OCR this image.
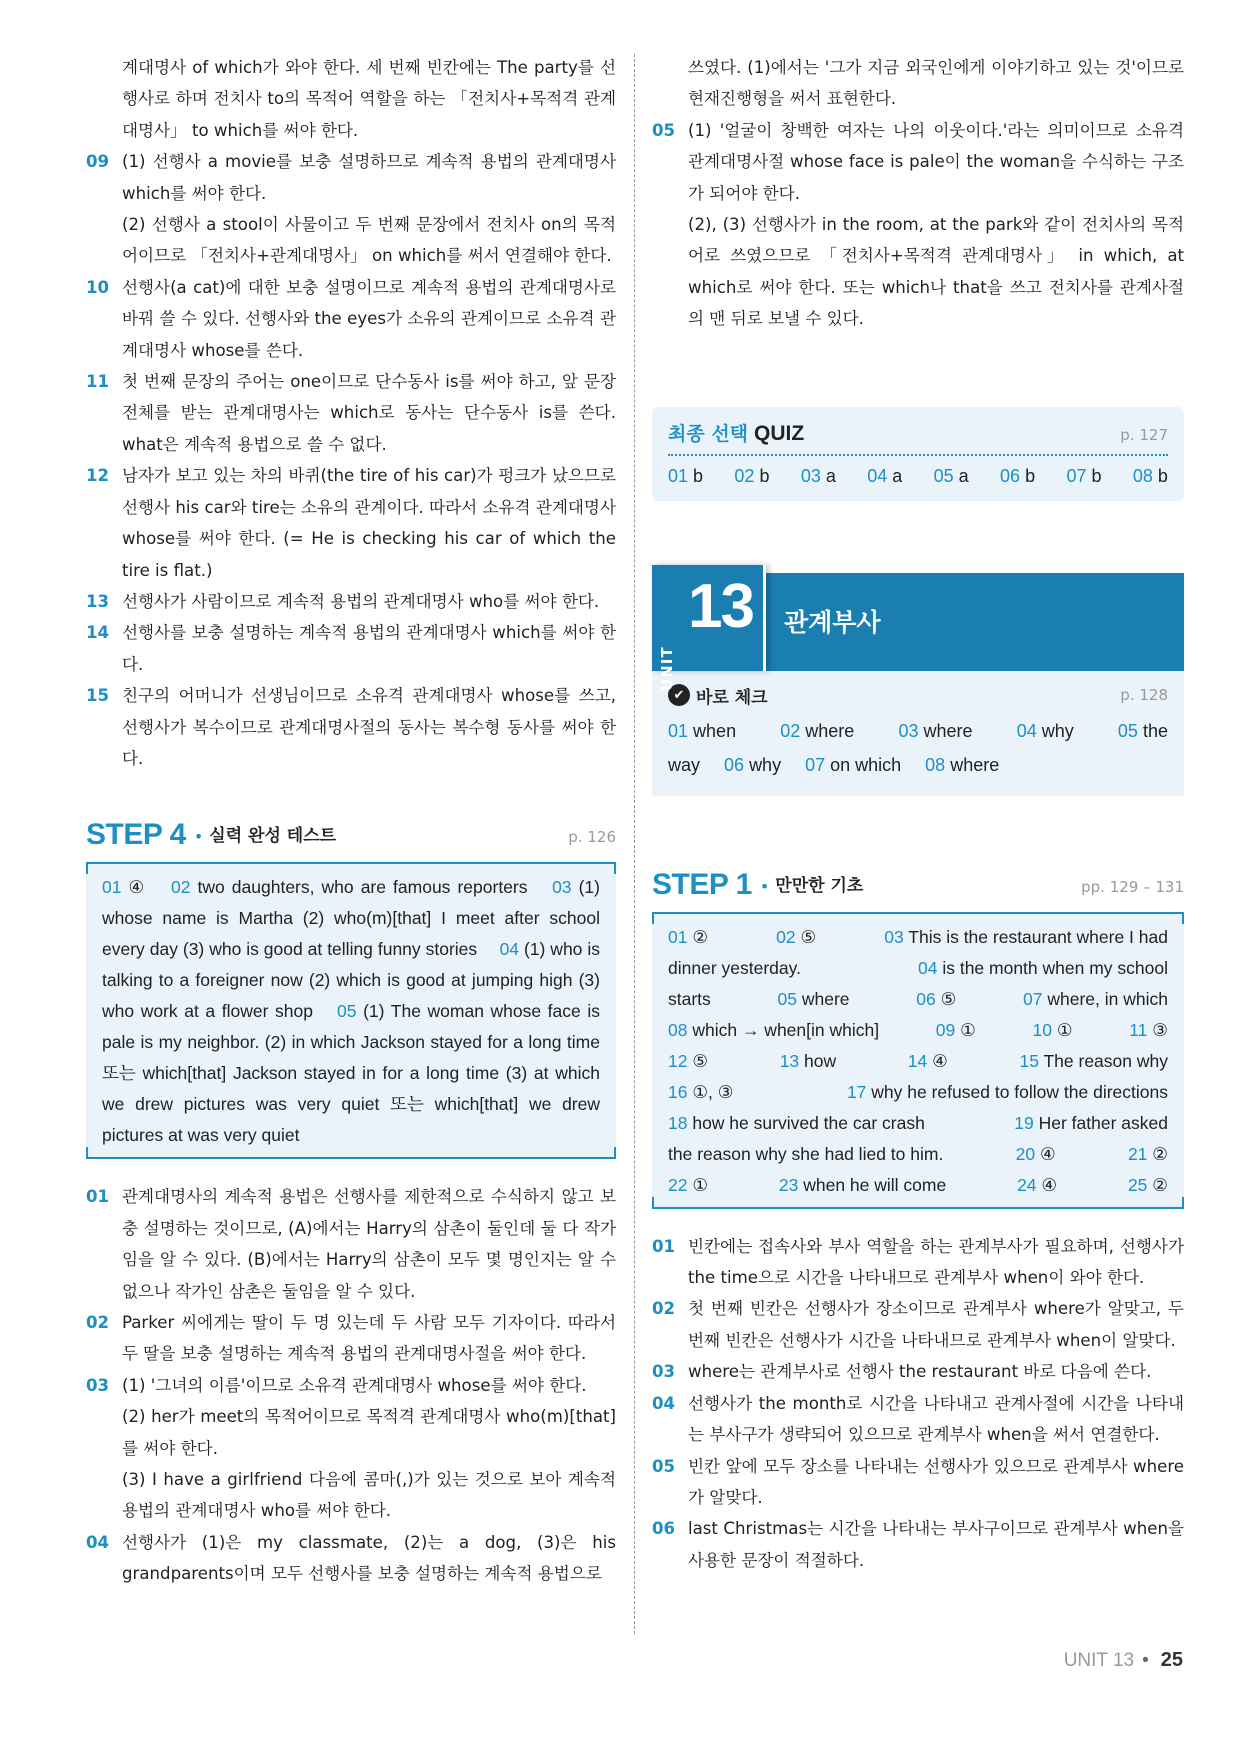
계대명사 of which가 와야 한다. 세 번째 빈칸에는 The party를 선행사로 하며 전치사 to의 목적어 역할을 하는 「전치사+목적격 관계대명사」 to which를 써야 한다.
09 (1) 선행사 a movie를 보충 설명하므로 계속적 용법의 관계대명사 which를 써야 한다.
(2) 선행사 a stool이 사물이고 두 번째 문장에서 전치사 on의 목적어이므로 「전치사+관계대명사」 on which를 써서 연결해야 한다.
10 선행사(a cat)에 대한 보충 설명이므로 계속적 용법의 관계대명사로 바꿔 쓸 수 있다. 선행사와 the eyes가 소유의 관계이므로 소유격 관계대명사 whose를 쓴다.
11 첫 번째 문장의 주어는 one이므로 단수동사 is를 써야 하고, 앞 문장 전체를 받는 관계대명사는 which로 동사는 단수동사 is를 쓴다. what은 계속적 용법으로 쓸 수 없다.
12 남자가 보고 있는 차의 바퀴(the tire of his car)가 펑크가 났으므로 선행사 his car와 tire는 소유의 관계이다. 따라서 소유격 관계대명사 whose를 써야 한다. (= He is checking his car of which the tire is flat.)
13 선행사가 사람이므로 계속적 용법의 관계대명사 who를 써야 한다.
14 선행사를 보충 설명하는 계속적 용법의 관계대명사 which를 써야 한다.
15 친구의 어머니가 선생님이므로 소유격 관계대명사 whose를 쓰고, 선행사가 복수이므로 관계대명사절의 동사는 복수형 동사를 써야 한다.
STEP 4 • 실력 완성 테스트	p. 126
01 ④  02 two daughters, who are famous reporters  03 (1) whose name is Martha (2) who(m)[that] I meet after school every day (3) who is good at telling funny stories  04 (1) who is talking to a foreigner now (2) which is good at jumping high (3) who work at a flower shop  05 (1) The woman whose face is pale is my neighbor. (2) in which Jackson stayed for a long time 또는 which[that] Jackson stayed in for a long time (3) at which we drew pictures was very quiet 또는 which[that] we drew pictures at was very quiet 
01 관계대명사의 계속적 용법은 선행사를 제한적으로 수식하지 않고 보충 설명하는 것이므로, (A)에서는 Harry의 삼촌이 둘인데 둘 다 작가임을 알 수 있다. (B)에서는 Harry의 삼촌이 모두 몇 명인지는 알 수 없으나 작가인 삼촌은 둘임을 알 수 있다.
02 Parker 씨에게는 딸이 두 명 있는데 두 사람 모두 기자이다. 따라서 두 딸을 보충 설명하는 계속적 용법의 관계대명사절을 써야 한다.
03 (1) '그녀의 이름'이므로 소유격 관계대명사 whose를 써야 한다.
(2) her가 meet의 목적어이므로 목적격 관계대명사 who(m)[that]를 써야 한다.
(3) I have a girlfriend 다음에 콤마(,)가 있는 것으로 보아 계속적 용법의 관계대명사 who를 써야 한다.
04 선행사가 (1)은 my classmate, (2)는 a dog, (3)은 his grandparents이며 모두 선행사를 보충 설명하는 계속적 용법으로
쓰였다. (1)에서는 '그가 지금 외국인에게 이야기하고 있는 것'이므로 현재진행형을 써서 표현한다.
05 (1) '얼굴이 창백한 여자는 나의 이웃이다.'라는 의미이므로 소유격 관계대명사절 whose face is pale이 the woman을 수식하는 구조가 되어야 한다.
(2), (3) 선행사가 in the room, at the park와 같이 전치사의 목적어로 쓰였으므로 「전치사+목적격 관계대명사」 in which, at which로 써야 한다. 또는 which나 that을 쓰고 전치사를 관계사절의 맨 뒤로 보낼 수 있다.
최종 선택 QUIZ	p. 127
01 b 02 b 03 a 04 a 05 a 06 b 07 b 08 b
UNIT
13 관계부사
✔ 바로 체크	p. 128
01 when 02 where 03 where 04 why 05 the
way 06 why 07 on which 08 where
STEP 1 • 만만한 기초	pp. 129 – 131
01 ②	02 ⑤	03 This is the restaurant where I had
dinner yesterday.	04 is the month when my school
starts	05 where	06 ⑤	07 where, in which
08 which → when[in which]	09 ①	10 ①	11 ③
12 ⑤	13 how	14 ④	15 The reason why
16 ①, ③	17 why he refused to follow the directions
18 how he survived the car crash	19 Her father asked
the reason why she had lied to him.	20 ④	21 ②
22 ①	23 when he will come	24 ④	25 ②
01 빈칸에는 접속사와 부사 역할을 하는 관계부사가 필요하며, 선행사가 the time으로 시간을 나타내므로 관계부사 when이 와야 한다.
02 첫 번째 빈칸은 선행사가 장소이므로 관계부사 where가 알맞고, 두 번째 빈칸은 선행사가 시간을 나타내므로 관계부사 when이 알맞다.
03 where는 관계부사로 선행사 the restaurant 바로 다음에 쓴다.
04 선행사가 the month로 시간을 나타내고 관계사절에 시간을 나타내는 부사구가 생략되어 있으므로 관계부사 when을 써서 연결한다.
05 빈칸 앞에 모두 장소를 나타내는 선행사가 있으므로 관계부사 where가 알맞다.
06 last Christmas는 시간을 나타내는 부사구이므로 관계부사 when을 사용한 문장이 적절하다.
UNIT 13 • 25
